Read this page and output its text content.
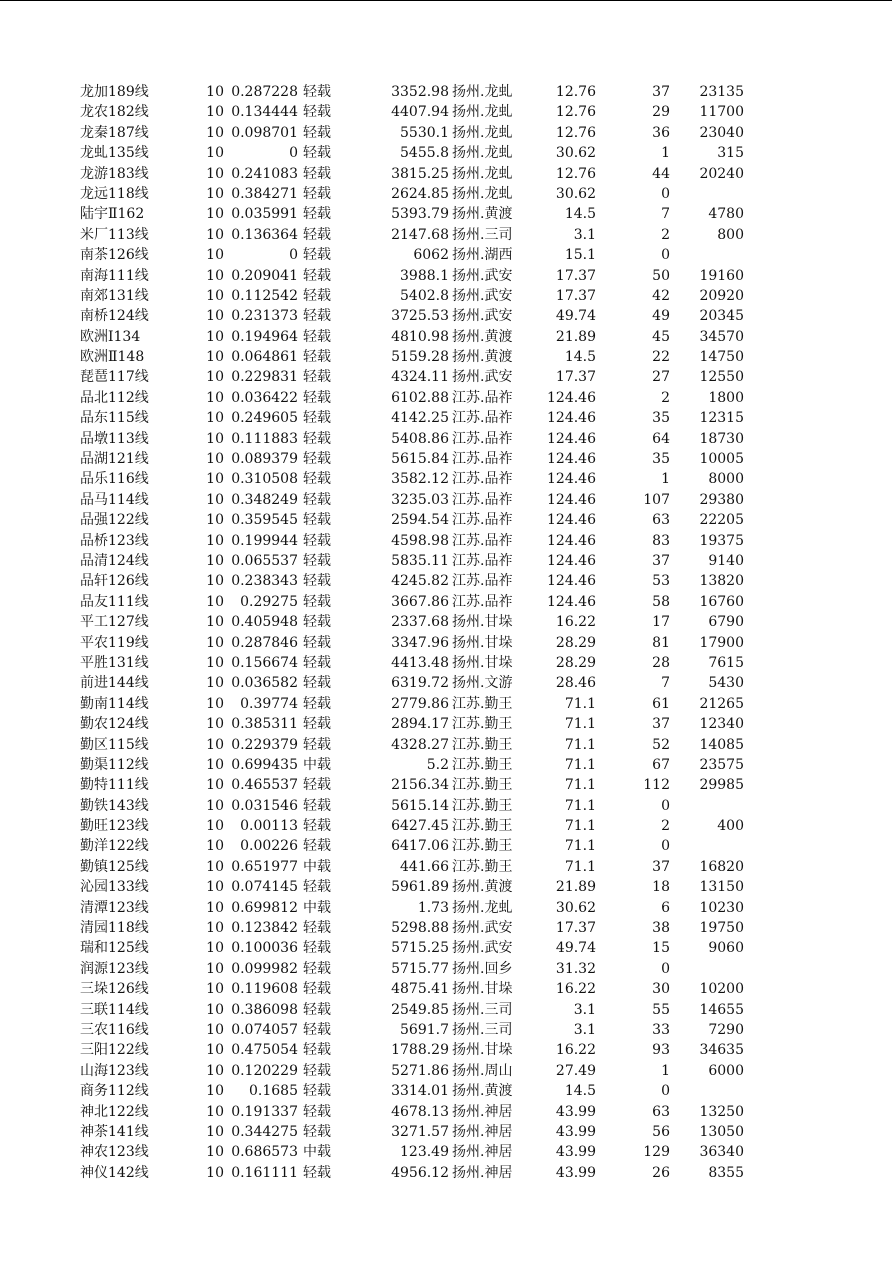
龙加189线	10 0.287228 轻载	3352.98 扬州.龙虬	12.76	37	23135
龙农182线	10 0.134444 轻载	4407.94 扬州.龙虬	12.76	29	11700
龙秦187线	10 0.098701 轻载	5530.1 扬州.龙虬	12.76	36	23040
龙虬135线	10	0 轻载	5455.8 扬州.龙虬	30.62	1	315
龙游183线	10 0.241083 轻载	3815.25 扬州.龙虬	12.76	44	20240
龙远118线	10 0.384271 轻载	2624.85 扬州.龙虬	30.62	0
陆宇Ⅱ162	10 0.035991 轻载	5393.79 扬州.黄渡	14.5	7	4780
米厂113线	10 0.136364 轻载	2147.68 扬州.三司	3.1	2	800
南茶126线	10	0 轻载	6062 扬州.湖西	15.1	0
南海111线	10 0.209041 轻载	3988.1 扬州.武安	17.37	50	19160
南郊131线	10 0.112542 轻载	5402.8 扬州.武安	17.37	42	20920
南桥124线	10 0.231373 轻载	3725.53 扬州.武安	49.74	49	20345
欧洲Ⅰ134	10 0.194964 轻载	4810.98 扬州.黄渡	21.89	45	34570
欧洲Ⅱ148	10 0.064861 轻载	5159.28 扬州.黄渡	14.5	22	14750
琵琶117线	10 0.229831 轻载	4324.11 扬州.武安	17.37	27	12550
品北112线	10 0.036422 轻载	6102.88 江苏.品祚	124.46	2	1800
品东115线	10 0.249605 轻载	4142.25 江苏.品祚	124.46	35	12315
品墩113线	10 0.111883 轻载	5408.86 江苏.品祚	124.46	64	18730
品湖121线	10 0.089379 轻载	5615.84 江苏.品祚	124.46	35	10005
品乐116线	10 0.310508 轻载	3582.12 江苏.品祚	124.46	1	8000
品马114线	10 0.348249 轻载	3235.03 江苏.品祚	124.46	107	29380
品强122线	10 0.359545 轻载	2594.54 江苏.品祚	124.46	63	22205
品桥123线	10 0.199944 轻载	4598.98 江苏.品祚	124.46	83	19375
品清124线	10 0.065537 轻载	5835.11 江苏.品祚	124.46	37	9140
品轩126线	10 0.238343 轻载	4245.82 江苏.品祚	124.46	53	13820
品友111线	10	0.29275 轻载	3667.86 江苏.品祚	124.46	58	16760
平工127线	10 0.405948 轻载	2337.68 扬州.甘垛	16.22	17	6790
平农119线	10 0.287846 轻载	3347.96 扬州.甘垛	28.29	81	17900
平胜131线	10 0.156674 轻载	4413.48 扬州.甘垛	28.29	28	7615
前进144线	10 0.036582 轻载	6319.72 扬州.文游	28.46	7	5430
勤南114线	10	0.39774 轻载	2779.86 江苏.勤王	71.1	61	21265
勤农124线	10 0.385311 轻载	2894.17 江苏.勤王	71.1	37	12340
勤区115线	10 0.229379 轻载	4328.27 江苏.勤王	71.1	52	14085
勤渠112线	10 0.699435 中载	5.2 江苏.勤王	71.1	67	23575
勤特111线	10 0.465537 轻载	2156.34 江苏.勤王	71.1	112	29985
勤铁143线	10 0.031546 轻载	5615.14 江苏.勤王	71.1	0
勤旺123线	10	0.00113 轻载	6427.45 江苏.勤王	71.1	2	400
勤洋122线	10	0.00226 轻载	6417.06 江苏.勤王	71.1	0
勤镇125线	10 0.651977 中载	441.66 江苏.勤王	71.1	37	16820
沁园133线	10 0.074145 轻载	5961.89 扬州.黄渡	21.89	18	13150
清潭123线	10 0.699812 中载	1.73 扬州.龙虬	30.62	6	10230
清园118线	10 0.123842 轻载	5298.88 扬州.武安	17.37	38	19750
瑞和125线	10 0.100036 轻载	5715.25 扬州.武安	49.74	15	9060
润源123线	10 0.099982 轻载	5715.77 扬州.回乡	31.32	0
三垛126线	10 0.119608 轻载	4875.41 扬州.甘垛	16.22	30	10200
三联114线	10 0.386098 轻载	2549.85 扬州.三司	3.1	55	14655
三农116线	10 0.074057 轻载	5691.7 扬州.三司	3.1	33	7290
三阳122线	10 0.475054 轻载	1788.29 扬州.甘垛	16.22	93	34635
山海123线	10 0.120229 轻载	5271.86 扬州.周山	27.49	1	6000
商务112线	10	0.1685 轻载	3314.01 扬州.黄渡	14.5	0
神北122线	10 0.191337 轻载	4678.13 扬州.神居	43.99	63	13250
神茶141线	10 0.344275 轻载	3271.57 扬州.神居	43.99	56	13050
神农123线	10 0.686573 中载	123.49 扬州.神居	43.99	129	36340
神仪142线	10 0.161111 轻载	4956.12 扬州.神居	43.99	26	8355
